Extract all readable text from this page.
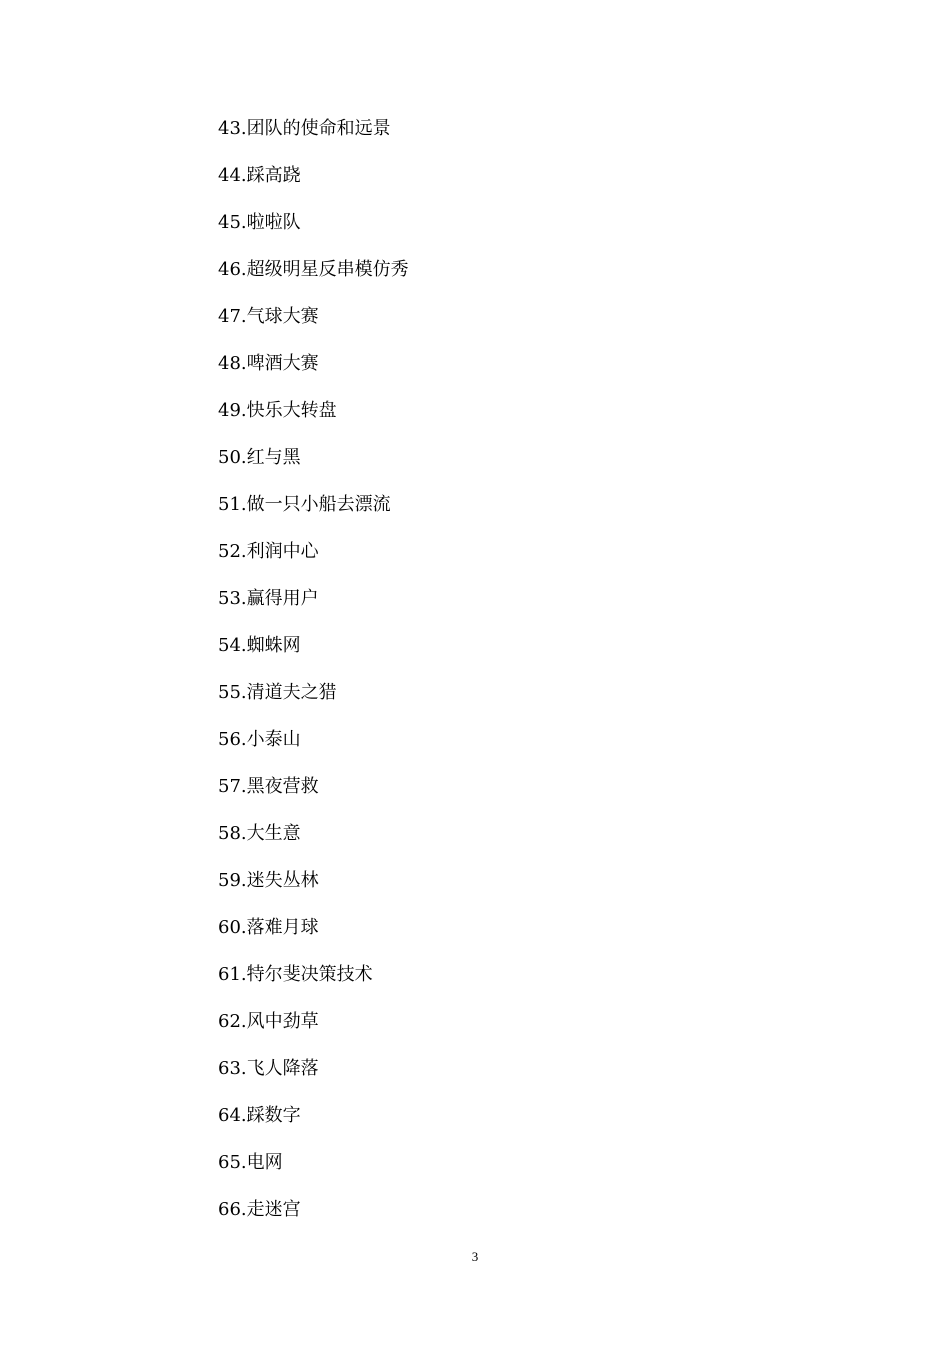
43.团队的使命和远景
44.踩高跷
45.啦啦队
46.超级明星反串模仿秀
47.气球大赛
48.啤酒大赛
49.快乐大转盘
50.红与黑
51.做一只小船去漂流
52.利润中心
53.赢得用户
54.蜘蛛网
55.清道夫之猎
56.小泰山
57.黑夜营救
58.大生意
59.迷失丛林
60.落难月球
61.特尔斐决策技术
62.风中劲草
63.飞人降落
64.踩数字
65.电网
66.走迷宫
3
